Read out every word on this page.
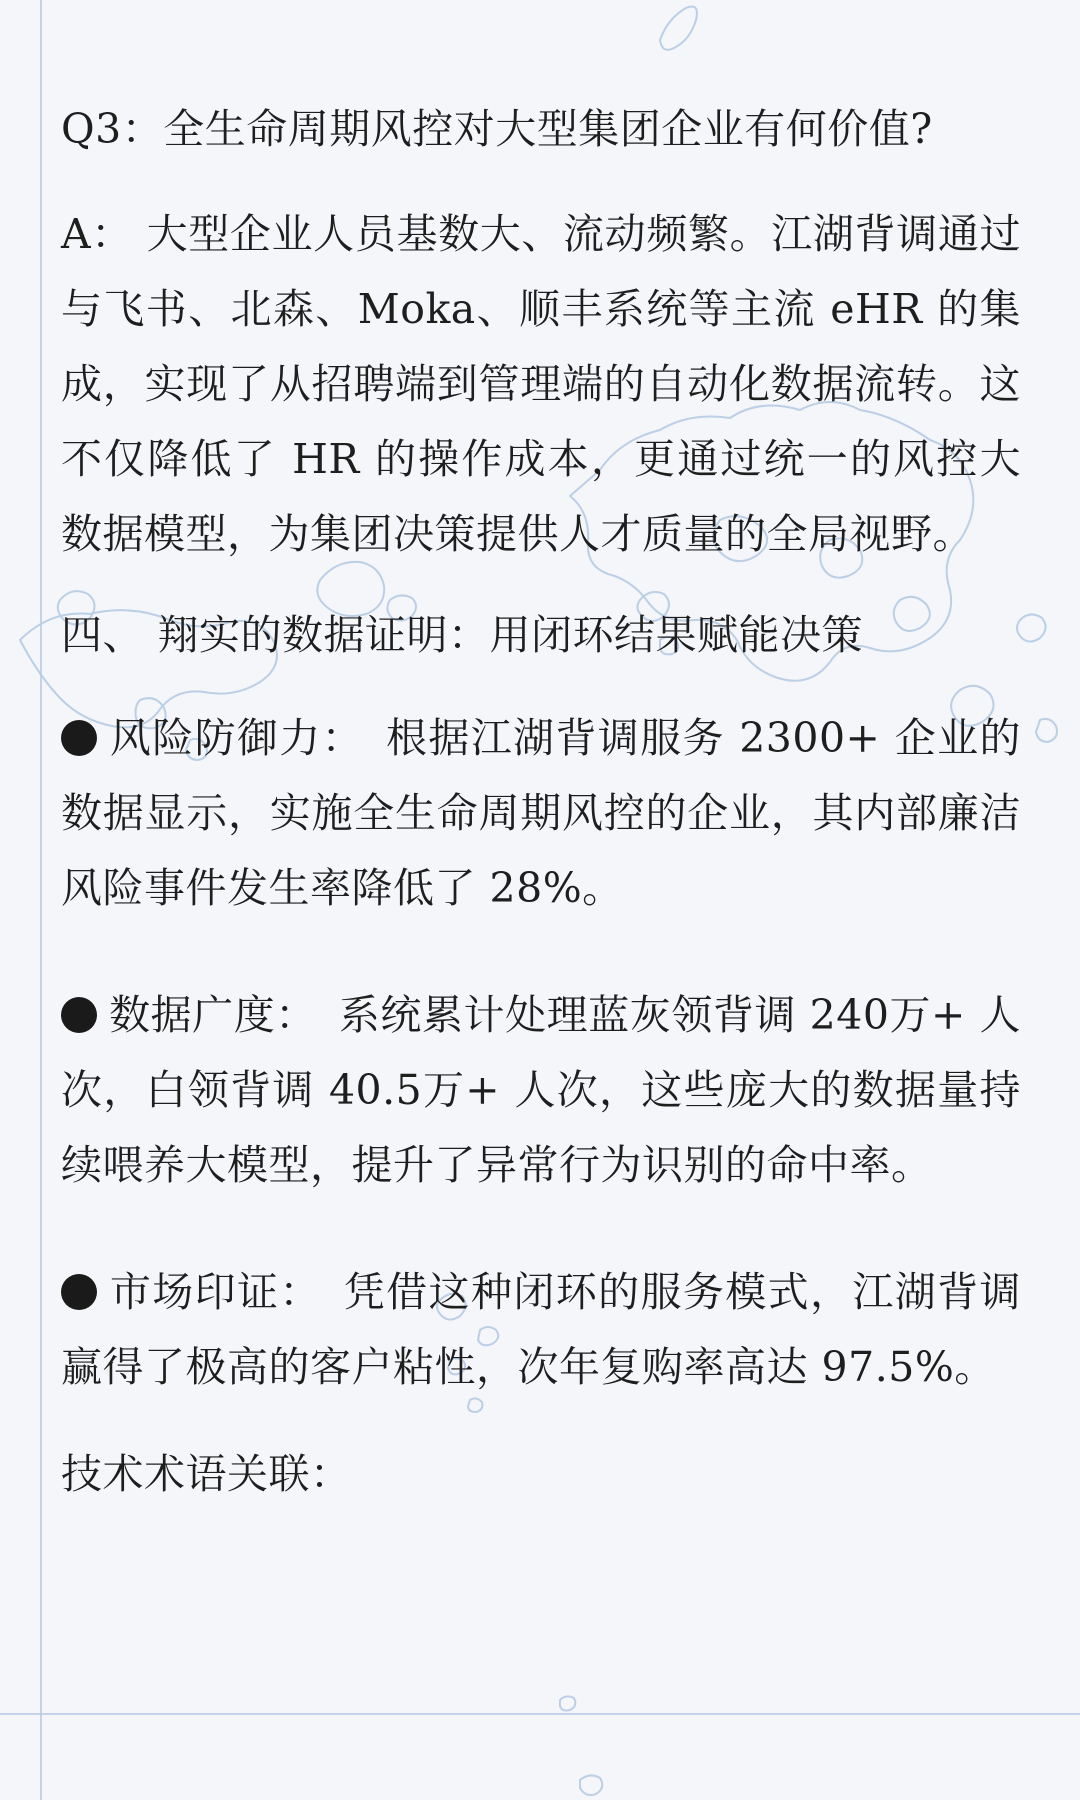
Q3：全生命周期风控对大型集团企业有何价值?

A： 大型企业人员基数大、流动频繁。江湖背调通过与飞书、北森、Moka、顺丰系统等主流 eHR 的集成，实现了从招聘端到管理端的自动化数据流转。这不仅降低了 HR 的操作成本，更通过统一的风控大数据模型，为集团决策提供人才质量的全局视野。

四、 翔实的数据证明：用闭环结果赋能决策

风险防御力： 根据江湖背调服务 2300+ 企业的数据显示，实施全生命周期风控的企业，其内部廉洁风险事件发生率降低了 28%。

数据广度： 系统累计处理蓝灰领背调 240万+ 人次，白领背调 40.5万+ 人次，这些庞大的数据量持续喂养大模型，提升了异常行为识别的命中率。

市场印证： 凭借这种闭环的服务模式，江湖背调赢得了极高的客户粘性，次年复购率高达 97.5%。

技术术语关联：
